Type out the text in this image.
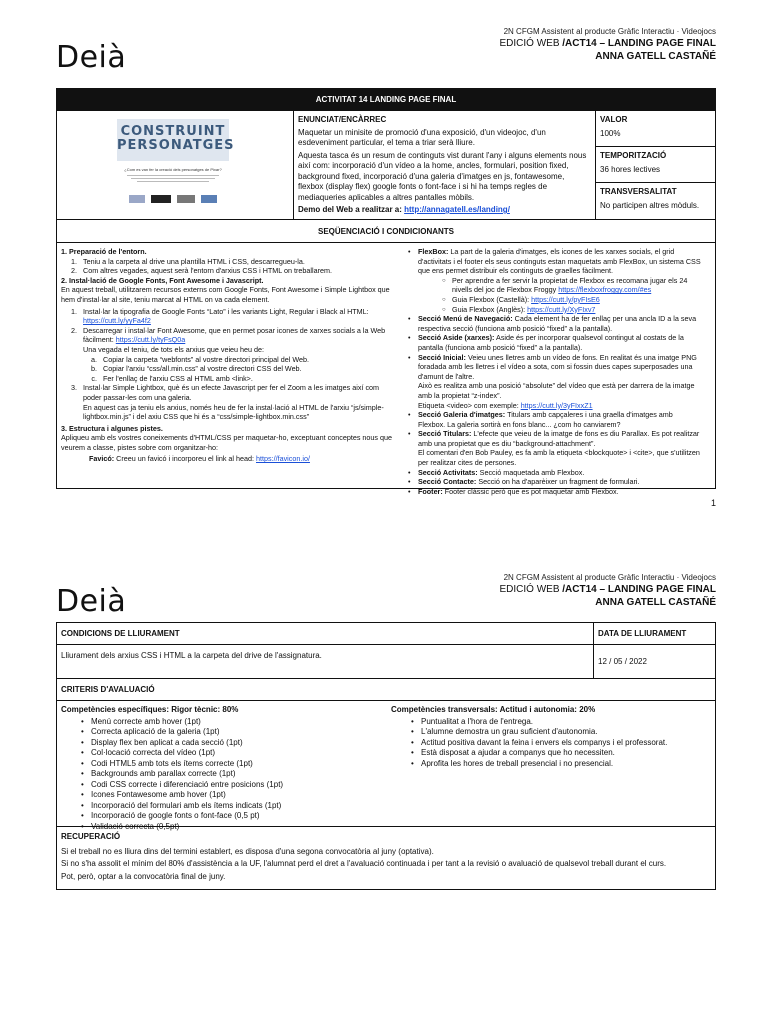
Deià
2N CFGM Assistent al producte Gràfic Interactiu · Videojocs
EDICIÓ WEB /ACT14 – LANDING PAGE FINAL
ANNA GATELL CASTAÑÉ
ACTIVITAT 14 LANDING PAGE FINAL
CONSTRUINT
PERSONATGES
¿Com es van fer la creació dels personatges de Pixar?
ENUNCIAT/ENCÀRREC
Maquetar un minisite de promoció d'una exposició, d'un videojoc, d'un esdeveniment particular, el tema a triar serà lliure.
Aquesta tasca és un resum de continguts vist durant l'any i alguns elements nous així com: incorporació d'un vídeo a la home, ancles, formulari, position fixed, background fixed, incorporació d'una galeria d'imatges en js, fontawesome, flexbox (display flex) google fonts o font-face i si hi ha temps regles de mediaqueries aplicables a altres pantalles mòbils.
Demo del Web a realitzar a: http://annagatell.es/landing/
VALOR
100%
TEMPORITZACIÓ
36 hores lectives
TRANSVERSALITAT
No participen altres mòduls.
SEQÜENCIACIÓ I CONDICIONANTS
1. Preparació de l'entorn.
1. Teniu a la carpeta al drive una plantilla HTML i CSS, descarregueu-la.
2. Com altres vegades, aquest serà l'entorn d'arxius CSS i HTML on treballarem.
2. Instal·lació de Google Fonts, Font Awesome i Javascript.
En aquest treball, utilitzarem recursos externs com Google Fonts, Font Awesome i Simple Lightbox que hem d'instal·lar al site, teniu marcat al HTML on va cada element.
1. Instal·lar la tipografia de Google Fonts “Lato” i les variants Light, Regular i Black al HTML: https://cutt.ly/yyFa4f2
2. Descarregar i instal·lar Font Awesome, que en permet posar icones de xarxes socials a la Web fàcilment: https://cutt.ly/tyFsQ0a
Una vegada el teniu, de tots els arxius que veieu heu de:
a. Copiar la carpeta “webfonts” al vostre directori principal del Web.
b. Copiar l'arxiu “css/all.min.css” al vostre directori CSS del Web.
c. Fer l'enllaç de l'arxiu CSS al HTML amb <link>.
3. Instal·lar Simple Lightbox, què és un efecte Javascript per fer el Zoom a les imatges així com poder passar-les com una galeria.
En aquest cas ja teniu els arxius, només heu de fer la instal·lació al HTML de l'arxiu “js/simple-lightbox.min.js” i del axiu CSS que hi és a “css/simple-lightbox.min.css”
3. Estructura i algunes pistes.
Apliqueu amb els vostres coneixements d'HTML/CSS per maquetar-ho, exceptuant conceptes nous que veurem a classe, pistes sobre com organitzar-ho:
Favicó: Creeu un favicó i incorporeu el link al head: https://favicon.io/
• FlexBox: La part de la galeria d'imatges, els icones de les xarxes socials, el grid d'activitats i el footer els seus continguts estan maquetats amb FlexBox, un sistema CSS que ens permet distribuir els continguts de graelles fàcilment.
○ Per aprendre a fer servir la propietat de Flexbox es recomana jugar els 24 nivells del joc de Flexbox Froggy https://flexboxfroggy.com/#es
○ Guia Flexbox (Castellà): https://cutt.ly/pyFIsE6
○ Guia Flexbox (Anglès): https://cutt.ly/XyFIxv7
• Secció Menú de Navegació: Cada element ha de fer enllaç per una ancla ID a la seva respectiva secció (funciona amb posició “fixed” a la pantalla).
• Secció Aside (xarxes): Aside és per incorporar qualsevol contingut al costats de la pantalla (funciona amb posició “fixed” a la pantalla).
• Secció Inicial: Veieu unes lletres amb un vídeo de fons. En realitat és una imatge PNG foradada amb les lletres i el vídeo a sota, com si fossin dues capes superposades una d'amunt de l'altre.
Això es realitza amb una posició “absolute” del vídeo que està per darrera de la imatge amb la propietat “z-index”.
Etiqueta <video> com exemple: https://cutt.ly/3yFIxxZ1
• Secció Galeria d'imatges: Titulars amb capçaleres i una graella d'imatges amb Flexbox. La galeria sortirà en fons blanc... ¿com ho canviarem?
• Secció Titulars: L'efecte que veieu de la imatge de fons es diu Parallax. Es pot realitzar amb una propietat que es diu “background-attachment”.
El comentari d'en Bob Pauley, es fa amb la etiqueta <blockquote> i <cite>, que s'utilitzen per realitzar cites de persones.
• Secció Activitats: Secció maquetada amb Flexbox.
• Secció Contacte: Secció on ha d'aparèixer un fragment de formulari.
• Footer: Footer clàssic però que es pot maquetar amb Flexbox.
1
Deià
2N CFGM Assistent al producte Gràfic Interactiu · Videojocs
EDICIÓ WEB /ACT14 – LANDING PAGE FINAL
ANNA GATELL CASTAÑÉ
CONDICIONS DE LLIURAMENT	DATA DE LLIURAMENT
Lliurament dels arxius CSS i HTML a la carpeta del drive de l'assignatura.
12 / 05 / 2022
CRITERIS D'AVALUACIÓ
Competències específiques: Rigor tècnic: 80%
• Menú correcte amb hover (1pt)
• Correcta aplicació de la galeria (1pt)
• Display flex ben aplicat a cada secció (1pt)
• Col·locació correcta del vídeo (1pt)
• Codi HTML5 amb tots els ítems correcte (1pt)
• Backgrounds amb parallax correcte (1pt)
• Codi CSS correcte i diferenciació entre posicions (1pt)
• Icones Fontawesome amb hover (1pt)
• Incorporació del formulari amb els ítems indicats (1pt)
• Incorporació de google fonts o font-face (0,5 pt)
• Validació correcta (0,5pt)
Competències transversals: Actitud i autonomia: 20%
• Puntualitat a l'hora de l'entrega.
• L'alumne demostra un grau suficient d'autonomia.
• Actitud positiva davant la feina i envers els companys i el professorat.
• Està disposat a ajudar a companys que ho necessiten.
• Aprofita les hores de treball presencial i no presencial.
RECUPERACIÓ
Si el treball no es lliura dins del termini establert, es disposa d'una segona convocatòria al juny (optativa).
Si no s'ha assolit el mínim del 80% d'assistència a la UF, l'alumnat perd el dret a l'avaluació continuada i per tant a la revisió o avaluació de qualsevol treball durant el curs.
Pot, però, optar a la convocatòria final de juny.
